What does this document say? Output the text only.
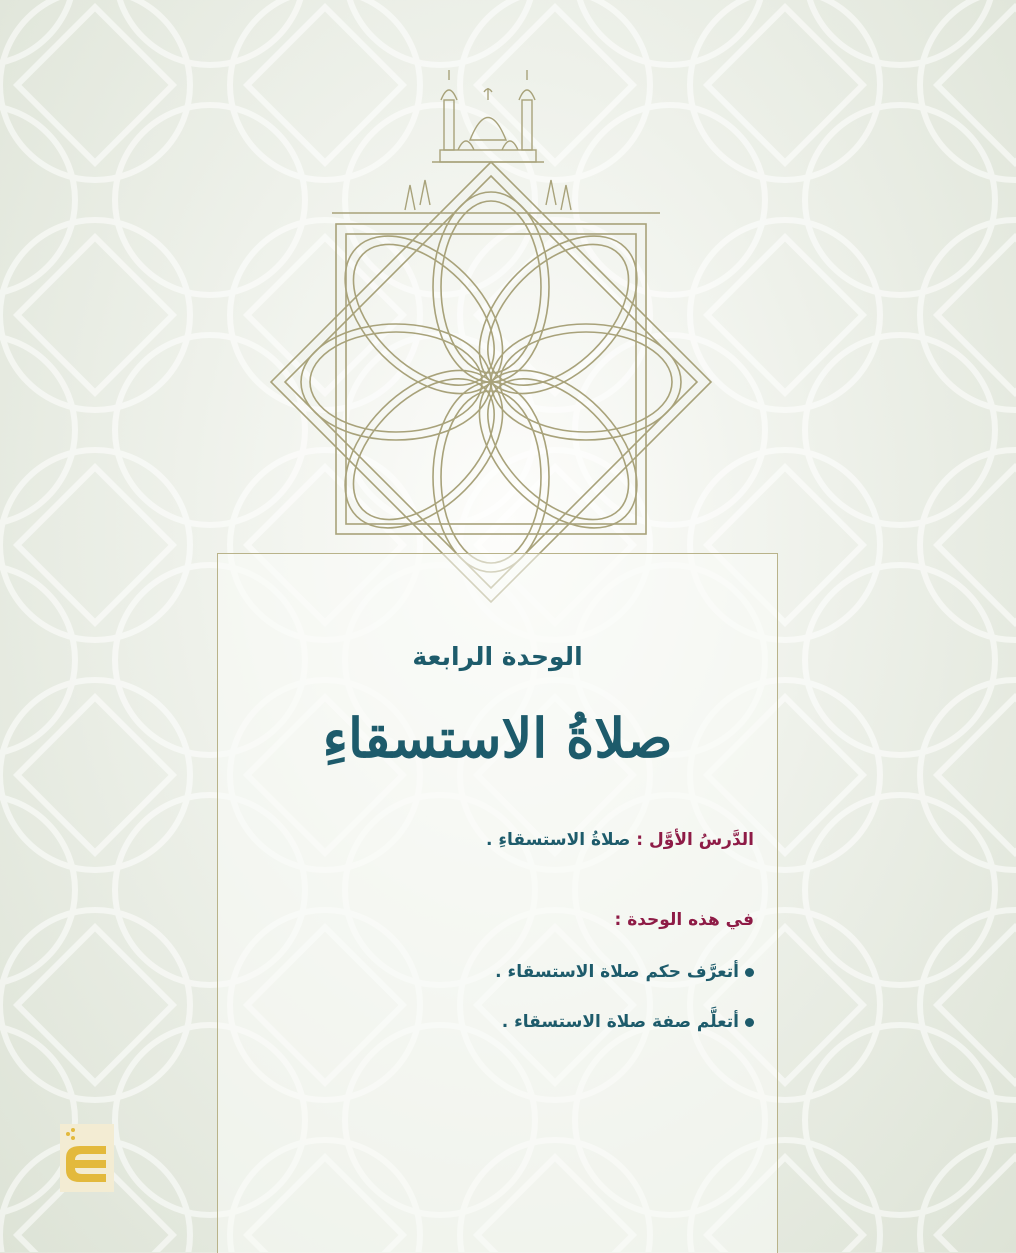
الوحدة الرابعة
صلاةُ الاستسقاءِ
الدَّرسُ الأوَّل : صلاةُ الاستسقاءِ .
في هذه الوحدة :
أتعرَّف حكم صلاة الاستسقاء .
أتعلَّم صفة صلاة الاستسقاء .
